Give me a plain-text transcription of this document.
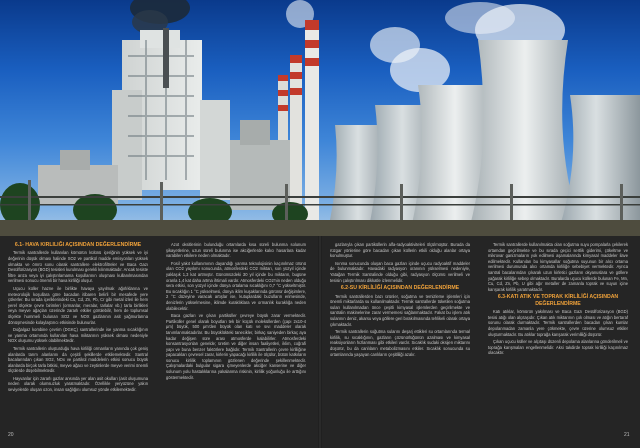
6.1- HAVA KIRLILIĞI AÇISINDAN DEĞERLENDİRME

Termik santrallerde kullanılan kömürün külünü içeriğinin yüksek ve iyi değerinin düşük olması halinde SO2 ve partikül madde emisyonları yüksek olmakta ve ömrü sonu olarak santrallere elektrofiltreler ve Baca Gazı Desülfürizasyon (BGD) tesisleri kurulması gerekli kılınmaktadır. Ancak tesiste filtre arıza veya iyi çalıştırılamama koşullarının oluşması kullanılmasından verilmesi sonucu önemli bir hava kirliliği oluşur.

Uçucu küller hazne ile birlikte havaya yayılmak ağırlıklarına ve meteorolojik koşullara göre bacadan itibaren belirli bir mesafede yere çökerler. Bu sırada içeriklerindeki Cu, Cd, Zn, Pb, Cr gibi metal izleri ile hem yerel ölçekte çevre birimleri (ormanlar, meralar, tarlalar vb.) tarla birlikleri veya meyve ağaçları üzerinde zararlı etkiler görülebilir, hem de toplumsal ölçekte hummeli bulunan SO2 ve NOX gazlarının asit yağmurlarına dönüşmesinde kolaylaştırıcı etkisinde bulunurlar.

Doğalgaz kombine çevrim (DGKÇ) santrallerinde ise yanma sıcaklığının ve yanma ortamında kullanılan hava miktarının yüksek olması nedeniyle NOX oluşumu yüksek olabilmektedir.

Termik santrallerin oluşturduğu hava kirliliği ormanların yanında çok geniş alanlarda tarım alanlarını da çeşitli şekillerde etkilemektedir. Santral bacalarından çıkan SO2, NOx ve partikül maddelerin etkisi sonucu büyük alanlarda birçok tarla bitkisi, meyve ağacı ve zeytinlerde meyve verimi önemli ölçülerde düşebilmektedir.

Hayvanlar için zararlı gazlar ansında yer alan asit okulları (asit oluşumuna neden olarak olumsuzluk yaratmaktadır. Özellikle yeryüzüne yakın seviyelerde oluşan ozon, insan sağlığını olumsuz yönde etkilemektedir.

Azot oksitlerinin bulunduğu ortamlarda kısa süreli bulunma solunum şikayetlerine, uzun süreli bulunma ise akciğerlerde kalıcı hasarlara kadar varabilen etkilere neden olmaktadır.

Fosil yakıt kullanımının dayandığı yanma teknolojisinin kaçınılmaz ürünü olan CO2 yayılımı sonucunda, atmosferdeki CO2 miktarı, son yüzyıl içinde yaklaşık 1,3 kat artmıştır. Günümüzdeki 30 yıl içinde bu miktarın, bugüne oranla 1,4 kat daha artma ihtimali vardır. Atmosferdeki CO2'nin neden olduğu sera etkisi, son yüzyıl içinde dünya ortalama sıcaklığını 0,7 °C yükseltmiştir. Bu sıcaklığın 1 °C yükselmesi, dünya iklim kuşaklarında görünür değişimlere, 2 °C düzeyine varacak artışlar ise, kutuplardaki buzulların erimesinde, denizlerin yükselmesine, iklimde kuraklıklara ve ormanlık kuraklığa neden olabilecektir.

Baca gazları ve çıkan partiküller çevreye büyük zarar vermektedir. Partiküller genel olarak boyutları tek bir küçük moleküllerden (çapı 2x10-4 μm) büyük, 500 μm'den büyük olan katı ve sıvı maddeler olarak tanımlanmaktadırlar. Bu büyüklükteki tanecikler, birkaç saniyeden birkaç aya kadar değişen süre arası atmosferde kalabilirler. Atmosferdeki konsantrasyonları genelde; üretim ve diğer insan faaliyetleri, iklim, coğrafi yapı ve buna benzer faktörlere bağlıdır. Termik Santrallerin çevre kirliliğine yapacakları çevresel zarar, kirlerin yapacağı kirlilik ile ölçülür, bütün katkıların sonucu kirlilik toplamının gözlenen değerinde şekillenmektedir. Çalışmalardaki bulgular sigara içmeyenlerde akciğer kanserine ve diğer solunum yolu hastalıklarına yakalanma riskinin, kirlilik yoğunluğu ile arttığını göstermektedir.

gazlarıyla çıkan partiküllerin alfa-radyoaktiviteleri ölçülmüştür. Burada da rüzgar yönlerine göre bacadan çıkan küllerin etkili olduğu alanlar ortaya konulmuştur.

Isınma sonucunda oluşan baca gazları içinde uçucu radyoaktif maddeler de bulunmaktadır. Havadaki radyasyon oranının yükselmesi nedeniyle, Yatağan Termik Santralinde olduğu gibi, radyasyon ölçümü verilmeli ve tesisin çalıştırılması dikkatle izlenmelidir.

6.2-SU KİRLİLİĞİ AÇISINDAN DEĞERLENDİRME

Termik santrallerden bazı ürünler, soğutma ve temizleme işlemleri için önemli miktarlarda su kullanılmaktadır. Termik santrallerde tüketilen soğutma suları kullanılmadan önce çeşitli kimyasal işlemlerden geçirilmekte ve santralin makinelerine zarar vermemesi sağlanmaktadır. Fakat bu işlem atık sularının deniz, akarsu veya göllere geri bırakılmasında tehlikeli olarak ortaya çıkmaktadır.

Termik santrallerin soğutma sularını deşarj ettikleri su ortamlarında termal kirlilik, su sıcaklığının, gazların çözünürlüğünün azalması ve kimyasal reaksiyonların hızlanması gibi etkileri vardır. Sıcaklık sudaki oksijen miktarını düşürür, bu da canlıların metabolizmasını etkiler. Sıcaklık sonucunda su ortamlarında yaşayan canlıların çeşitliliği azalır.

Termik santrallerde kullanılmakta olan soğutma suyu pompalarla çekilerek ortamdan geçirilmekte ve bu sırada geçici sertlik giderimi, çökeltme ve mikrovar ganizmaların yok edilmesi aşamalarında kimyasal maddeler ilave edilmektedir. Kullanılan bu kimyasallar soğutma suyunun bir alıcı ortama verilmesi durumunda alıcı ortamda kirliliğe sebebiyet vermektedir. Ayrıca santral bacalarından çıkarak uzun kirletici gazların okyanuslara ve göllere yağarak kirliliğe sebep olmaktadır. Buralarda uçucu küllerde bulunan Fe, Mn, Cu, Cd, Zn, Pb, U gibi ağır metaller de zamanla toprak ve suyun içine karışarak kirlilik yaratmaktadır.

6.3-KATI ATIK VE TOPRAK KİRLİLİĞİ AÇISINDAN DEĞERLENDİRME

Katı atıklar, kömürün yakılması ve Baca Gazı Desülfürizasyon (BGD) tesisi atığı olan alçıtaşıdır. Çıkan atık miktarının çok olması ve atığın bertaraf sorunu olarak durmaktadır. Termik santrallerden bacadan çıkan kumlar depolanmadan zamanla yere çökmekte, çevre üzerine olumsuz etkiler oluşturmaktadır. Bu atıklar toprağa karışarak verimliliği düşürür.

Çıkan uçucu küller ve alçıtaşı düzenli depolama alanlarına gönderilmeli ve toprağa karışmaları engellenmelidir. Aksi takdirde toprak kirliliği kaçınılmaz olacaktır.

20	21
